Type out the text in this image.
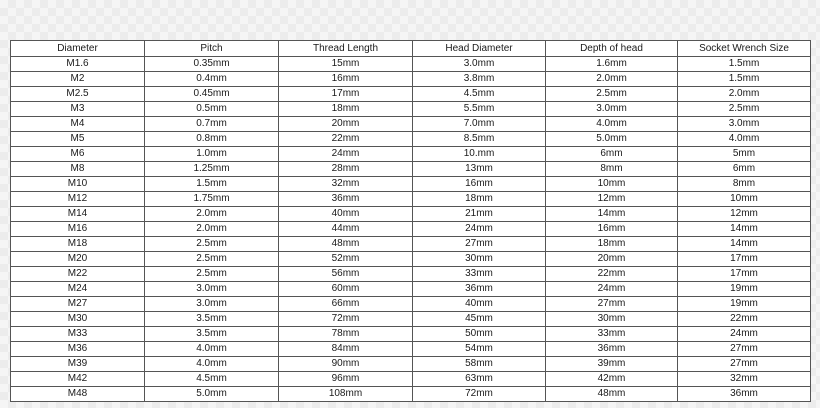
Diameter	Pitch	Thread Length	Head Diameter	Depth of head	Socket Wrench Size
M1.6	0.35mm	15mm	3.0mm	1.6mm	1.5mm
M2	0.4mm	16mm	3.8mm	2.0mm	1.5mm
M2.5	0.45mm	17mm	4.5mm	2.5mm	2.0mm
M3	0.5mm	18mm	5.5mm	3.0mm	2.5mm
M4	0.7mm	20mm	7.0mm	4.0mm	3.0mm
M5	0.8mm	22mm	8.5mm	5.0mm	4.0mm
M6	1.0mm	24mm	10.mm	6mm	5mm
M8	1.25mm	28mm	13mm	8mm	6mm
M10	1.5mm	32mm	16mm	10mm	8mm
M12	1.75mm	36mm	18mm	12mm	10mm
M14	2.0mm	40mm	21mm	14mm	12mm
M16	2.0mm	44mm	24mm	16mm	14mm
M18	2.5mm	48mm	27mm	18mm	14mm
M20	2.5mm	52mm	30mm	20mm	17mm
M22	2.5mm	56mm	33mm	22mm	17mm
M24	3.0mm	60mm	36mm	24mm	19mm
M27	3.0mm	66mm	40mm	27mm	19mm
M30	3.5mm	72mm	45mm	30mm	22mm
M33	3.5mm	78mm	50mm	33mm	24mm
M36	4.0mm	84mm	54mm	36mm	27mm
M39	4.0mm	90mm	58mm	39mm	27mm
M42	4.5mm	96mm	63mm	42mm	32mm
M48	5.0mm	108mm	72mm	48mm	36mm
